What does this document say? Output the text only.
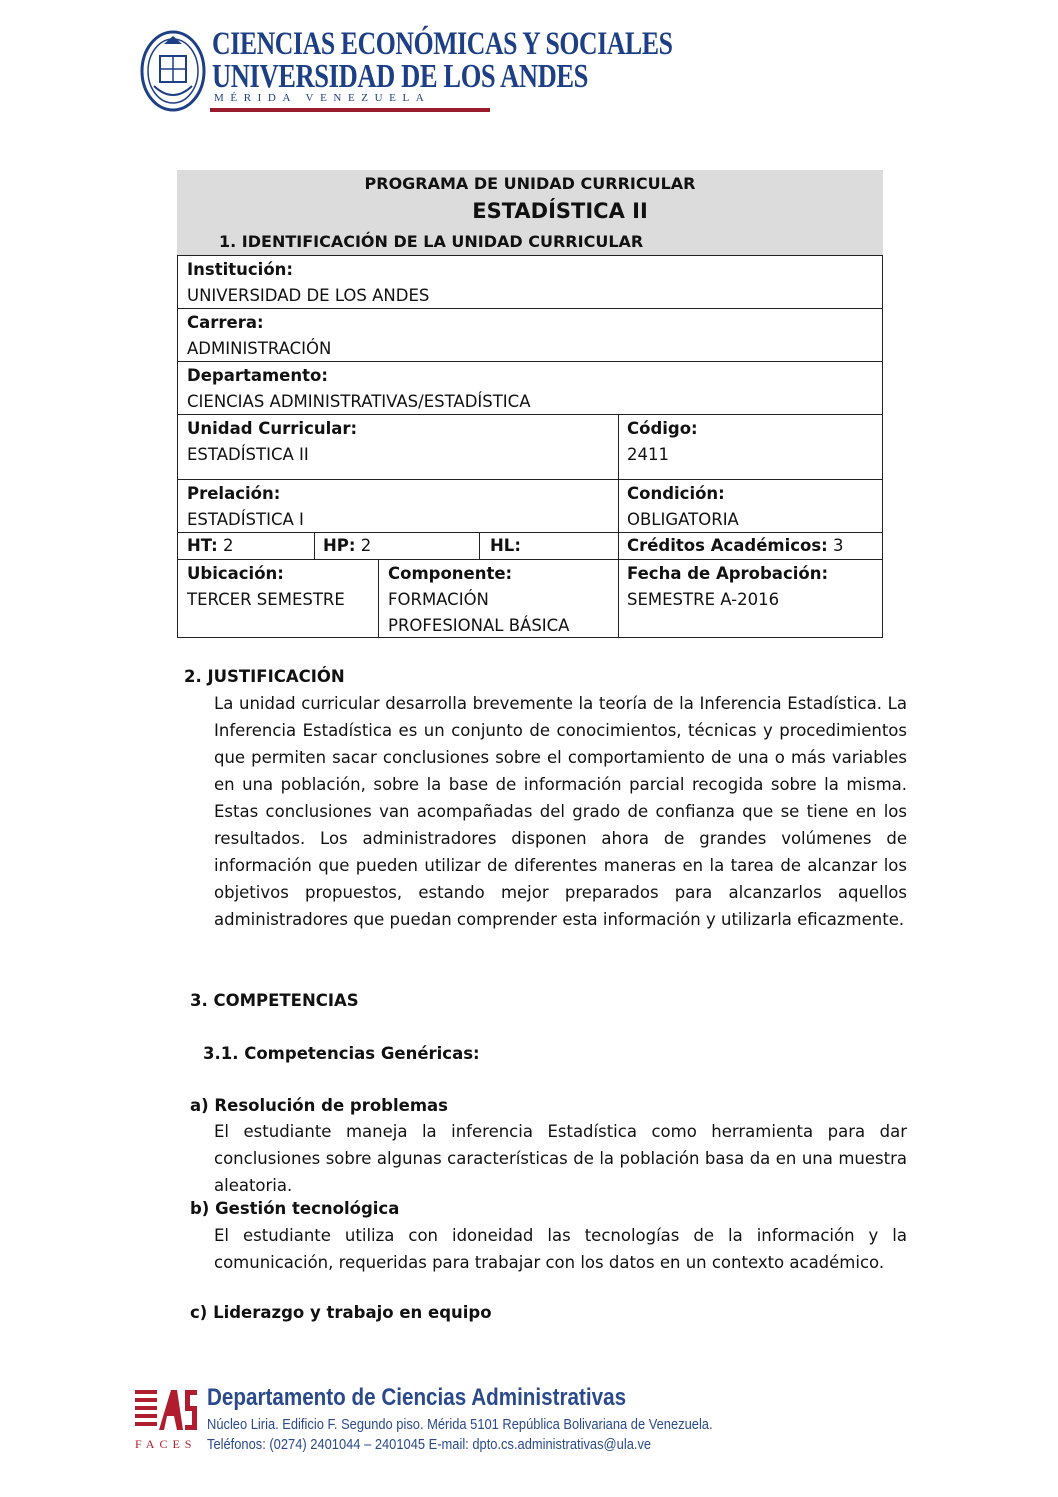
CIENCIAS ECONÓMICAS Y SOCIALES
UNIVERSIDAD DE LOS ANDES
MÉRIDA VENEZUELA
PROGRAMA DE UNIDAD CURRICULAR
ESTADÍSTICA II
1. IDENTIFICACIÓN DE LA UNIDAD CURRICULAR
Institución:
UNIVERSIDAD DE LOS ANDES
Carrera:
ADMINISTRACIÓN
Departamento:
CIENCIAS ADMINISTRATIVAS/ESTADÍSTICA
Unidad Curricular:
ESTADÍSTICA II
Código:
2411
Prelación:
ESTADÍSTICA I
Condición:
OBLIGATORIA
HT: 2	HP: 2	HL:	Créditos Académicos: 3
Ubicación:
TERCER SEMESTRE
Componente:
FORMACIÓN
PROFESIONAL BÁSICA
Fecha de Aprobación:
SEMESTRE A-2016
2. JUSTIFICACIÓN
La unidad curricular desarrolla brevemente la teoría de la Inferencia Estadística. La Inferencia Estadística es un conjunto de conocimientos, técnicas y procedimientos que permiten sacar conclusiones sobre el comportamiento de una o más variables en una población, sobre la base de información parcial recogida sobre la misma. Estas conclusiones van acompañadas del grado de confianza que se tiene en los resultados. Los administradores disponen ahora de grandes volúmenes de información que pueden utilizar de diferentes maneras en la tarea de alcanzar los objetivos propuestos, estando mejor preparados para alcanzarlos aquellos administradores que puedan comprender esta información y utilizarla eficazmente.
3. COMPETENCIAS
3.1. Competencias Genéricas:
a) Resolución de problemas
El estudiante maneja la inferencia Estadística como herramienta para dar conclusiones sobre algunas características de la población basa da en una muestra aleatoria.
b) Gestión tecnológica
El estudiante utiliza con idoneidad las tecnologías de la información y la comunicación, requeridas para trabajar con los datos en un contexto académico.
c) Liderazgo y trabajo en equipo
FACES
Departamento de Ciencias Administrativas
Núcleo Liria. Edificio F. Segundo piso. Mérida 5101 República Bolivariana de Venezuela.
Teléfonos: (0274) 2401044 – 2401045 E-mail: dpto.cs.administrativas@ula.ve
